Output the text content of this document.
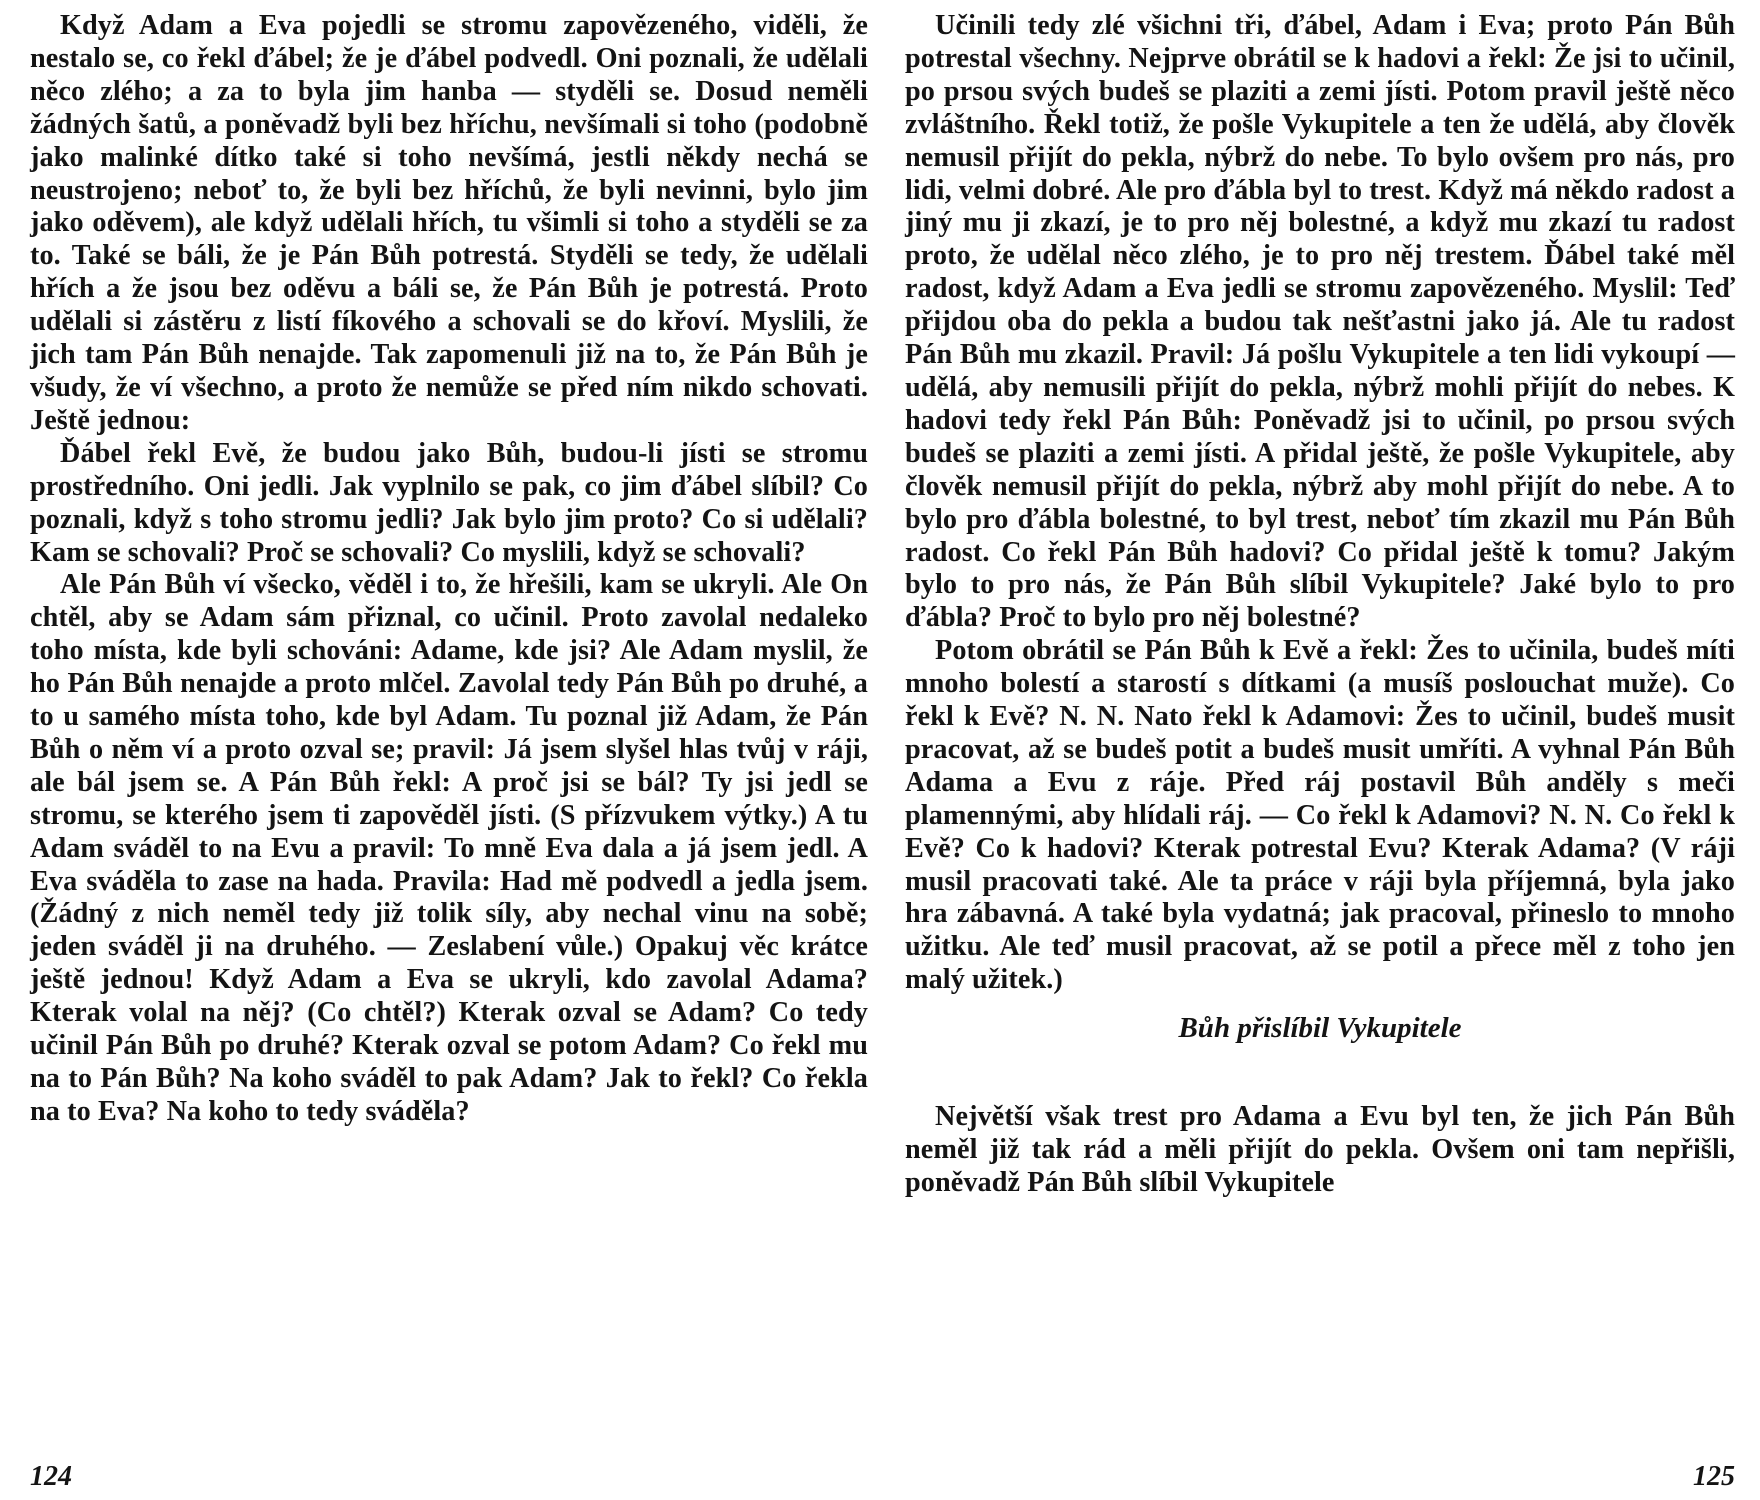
Když Adam a Eva pojedli se stromu zapovězeného, viděli, že nestalo se, co řekl ďábel; že je ďábel podvedl. Oni poznali, že udělali něco zlého; a za to byla jim hanba — styděli se. Dosud neměli žádných šatů, a poněvadž byli bez hříchu, nevšímali si toho (podobně jako malinké dítko také si toho nevšímá, jestli někdy nechá se neustrojeno; neboť to, že byli bez hříchů, že byli nevinni, bylo jim jako oděvem), ale když udělali hřích, tu všimli si toho a styděli se za to. Také se báli, že je Pán Bůh potrestá. Styděli se tedy, že udělali hřích a že jsou bez oděvu a báli se, že Pán Bůh je potrestá. Proto udělali si zástěru z listí fíkového a schovali se do křoví. Myslili, že jich tam Pán Bůh nenajde. Tak zapomenuli již na to, že Pán Bůh je všudy, že ví všechno, a proto že nemůže se před ním nikdo schovati. Ještě jednou:

Ďábel řekl Evě, že budou jako Bůh, budou-li jísti se stromu prostředního. Oni jedli. Jak vyplnilo se pak, co jim ďábel slíbil? Co poznali, když s toho stromu jedli? Jak bylo jim proto? Co si udělali? Kam se schovali? Proč se schovali? Co myslili, když se schovali?

Ale Pán Bůh ví všecko, věděl i to, že hřešili, kam se ukryli. Ale On chtěl, aby se Adam sám přiznal, co učinil. Proto zavolal nedaleko toho místa, kde byli schováni: Adame, kde jsi? Ale Adam myslil, že ho Pán Bůh nenajde a proto mlčel. Zavolal tedy Pán Bůh po druhé, a to u samého místa toho, kde byl Adam. Tu poznal již Adam, že Pán Bůh o něm ví a proto ozval se; pravil: Já jsem slyšel hlas tvůj v ráji, ale bál jsem se. A Pán Bůh řekl: A proč jsi se bál? Ty jsi jedl se stromu, se kterého jsem ti zapověděl jísti. (S přízvukem výtky.) A tu Adam sváděl to na Evu a pravil: To mně Eva dala a já jsem jedl. A Eva sváděla to zase na hada. Pravila: Had mě podvedl a jedla jsem. (Žádný z nich neměl tedy již tolik síly, aby nechal vinu na sobě; jeden sváděl ji na druhého. — Zeslabení vůle.) Opakuj věc krátce ještě jednou! Když Adam a Eva se ukryli, kdo zavolal Adama? Kterak volal na něj? (Co chtěl?) Kterak ozval se Adam? Co tedy učinil Pán Bůh po druhé? Kterak ozval se potom Adam? Co řekl mu na to Pán Bůh? Na koho sváděl to pak Adam? Jak to řekl? Co řekla na to Eva? Na koho to tedy sváděla?

124

Učinili tedy zlé všichni tři, ďábel, Adam i Eva; proto Pán Bůh potrestal všechny. Nejprve obrátil se k hadovi a řekl: Že jsi to učinil, po prsou svých budeš se plaziti a zemi jísti. Potom pravil ještě něco zvláštního. Řekl totiž, že pošle Vykupitele a ten že udělá, aby člověk nemusil přijít do pekla, nýbrž do nebe. To bylo ovšem pro nás, pro lidi, velmi dobré. Ale pro ďábla byl to trest. Když má někdo radost a jiný mu ji zkazí, je to pro něj bolestné, a když mu zkazí tu radost proto, že udělal něco zlého, je to pro něj trestem. Ďábel také měl radost, když Adam a Eva jedli se stromu zapovězeného. Myslil: Teď přijdou oba do pekla a budou tak nešťastni jako já. Ale tu radost Pán Bůh mu zkazil. Pravil: Já pošlu Vykupitele a ten lidi vykoupí — udělá, aby nemusili přijít do pekla, nýbrž mohli přijít do nebes. K hadovi tedy řekl Pán Bůh: Poněvadž jsi to učinil, po prsou svých budeš se plaziti a zemi jísti. A přidal ještě, že pošle Vykupitele, aby člověk nemusil přijít do pekla, nýbrž aby mohl přijít do nebe. A to bylo pro ďábla bolestné, to byl trest, neboť tím zkazil mu Pán Bůh radost. Co řekl Pán Bůh hadovi? Co přidal ještě k tomu? Jakým bylo to pro nás, že Pán Bůh slíbil Vykupitele? Jaké bylo to pro ďábla? Proč to bylo pro něj bolestné?

Potom obrátil se Pán Bůh k Evě a řekl: Žes to učinila, budeš míti mnoho bolestí a starostí s dítkami (a musíš poslouchat muže). Co řekl k Evě? N. N. Nato řekl k Adamovi: Žes to učinil, budeš musit pracovat, až se budeš potit a budeš musit umříti. A vyhnal Pán Bůh Adama a Evu z ráje. Před ráj postavil Bůh anděly s meči plamennými, aby hlídali ráj. — Co řekl k Adamovi? N. N. Co řekl k Evě? Co k hadovi? Kterak potrestal Evu? Kterak Adama? (V ráji musil pracovati také. Ale ta práce v ráji byla příjemná, byla jako hra zábavná. A také byla vydatná; jak pracoval, přineslo to mnoho užitku. Ale teď musil pracovat, až se potil a přece měl z toho jen malý užitek.)

Bůh přislíbil Vykupitele

Největší však trest pro Adama a Evu byl ten, že jich Pán Bůh neměl již tak rád a měli přijít do pekla. Ovšem oni tam nepřišli, poněvadž Pán Bůh slíbil Vykupitele

125
